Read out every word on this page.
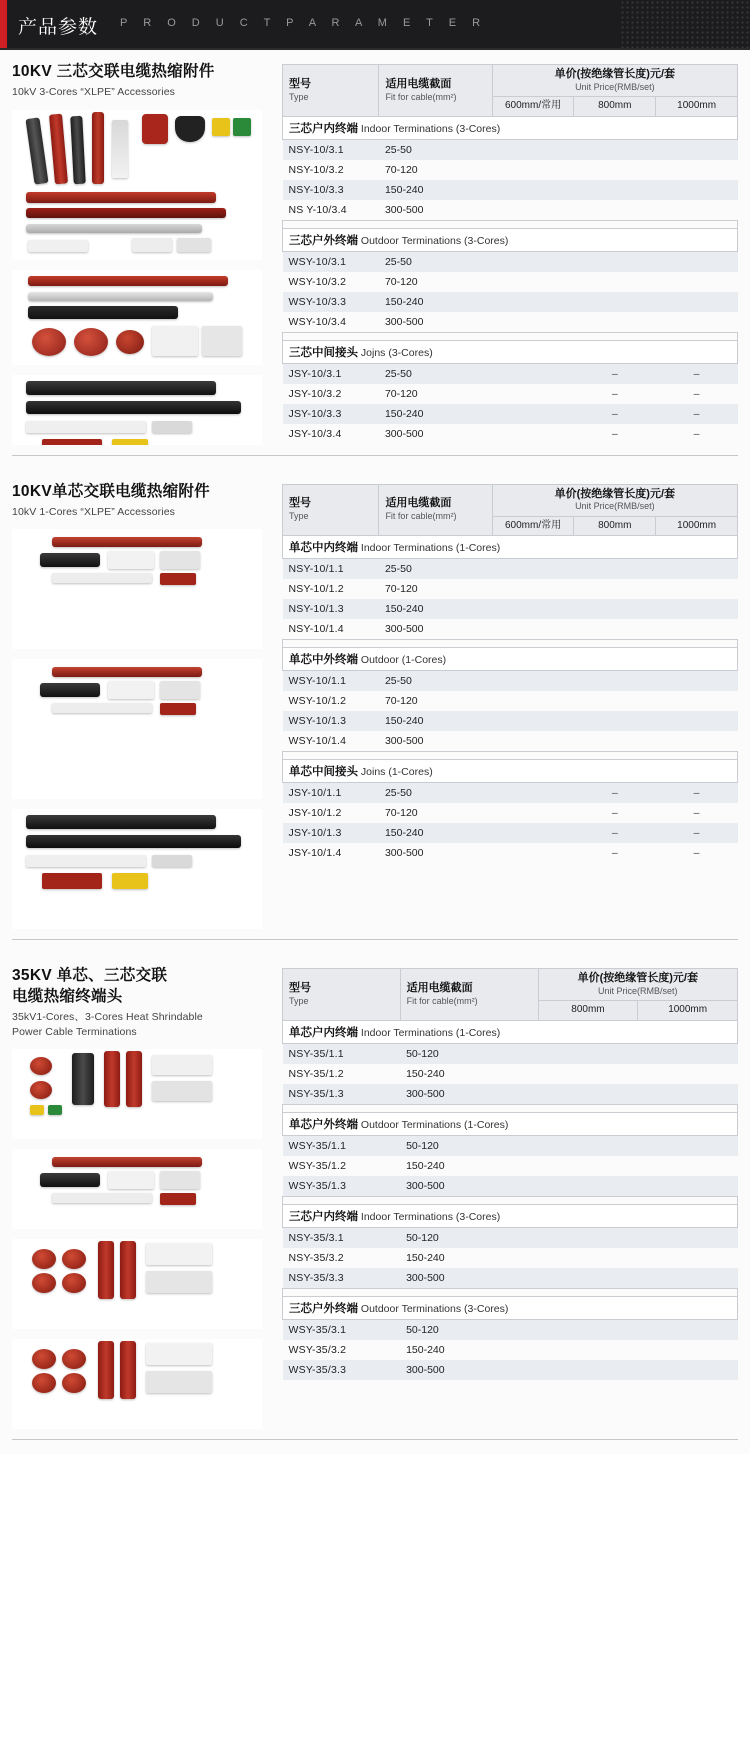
产品参数 P R O D U C T P A R A M E T E R
10KV 三芯交联电缆热缩附件
10kV 3-Cores “XLPE” Accessories
型号
Type	适用电缆截面
Fit for cable(mm²)	单价(按绝缘管长度)元/套
Unit Price(RMB/set)		

		600mm/常用	800mm	1000mm

三芯户内终端 Indoor Terminations (3-Cores)				
NSY-10/3.1	25-50			
NSY-10/3.2	70-120			
NSY-10/3.3	150-240			
NS Y-10/3.4	300-500			

三芯户外终端 Outdoor Terminations (3-Cores)				
WSY-10/3.1	25-50			
WSY-10/3.2	70-120			
WSY-10/3.3	150-240			
WSY-10/3.4	300-500			

三芯中间接头 Jojns (3-Cores)				
JSY-10/3.1	25-50		–	–
JSY-10/3.2	70-120		–	–
JSY-10/3.3	150-240		–	–
JSY-10/3.4	300-500		–	–
10KV单芯交联电缆热缩附件
10kV 1-Cores “XLPE” Accessories
型号
Type	适用电缆截面
Fit for cable(mm²)	单价(按绝缘管长度)元/套
Unit Price(RMB/set)		

		600mm/常用	800mm	1000mm

单芯中内终端 Indoor Terminations (1-Cores)				
NSY-10/1.1	25-50			
NSY-10/1.2	70-120			
NSY-10/1.3	150-240			
NSY-10/1.4	300-500			

单芯中外终端 Outdoor (1-Cores)				
WSY-10/1.1	25-50			
WSY-10/1.2	70-120			
WSY-10/1.3	150-240			
WSY-10/1.4	300-500			

单芯中间接头 Joins (1-Cores)				
JSY-10/1.1	25-50		–	–
JSY-10/1.2	70-120		–	–
JSY-10/1.3	150-240		–	–
JSY-10/1.4	300-500		–	–
35KV 单芯、三芯交联
电缆热缩终端头
35kV1-Cores、3-Cores Heat Shrindable
Power Cable Terminations
型号
Type	适用电缆截面
Fit for cable(mm²)	单价(按绝缘管长度)元/套
Unit Price(RMB/set)	

		800mm	1000mm

单芯户内终端 Indoor Terminations (1-Cores)			
NSY-35/1.1	50-120		
NSY-35/1.2	150-240		
NSY-35/1.3	300-500		

单芯户外终端 Outdoor Terminations (1-Cores)			
WSY-35/1.1	50-120		
WSY-35/1.2	150-240		
WSY-35/1.3	300-500		

三芯户内终端 Indoor Terminations (3-Cores)			
NSY-35/3.1	50-120		
NSY-35/3.2	150-240		
NSY-35/3.3	300-500		

三芯户外终端 Outdoor Terminations (3-Cores)			
WSY-35/3.1	50-120		
WSY-35/3.2	150-240		
WSY-35/3.3	300-500		
